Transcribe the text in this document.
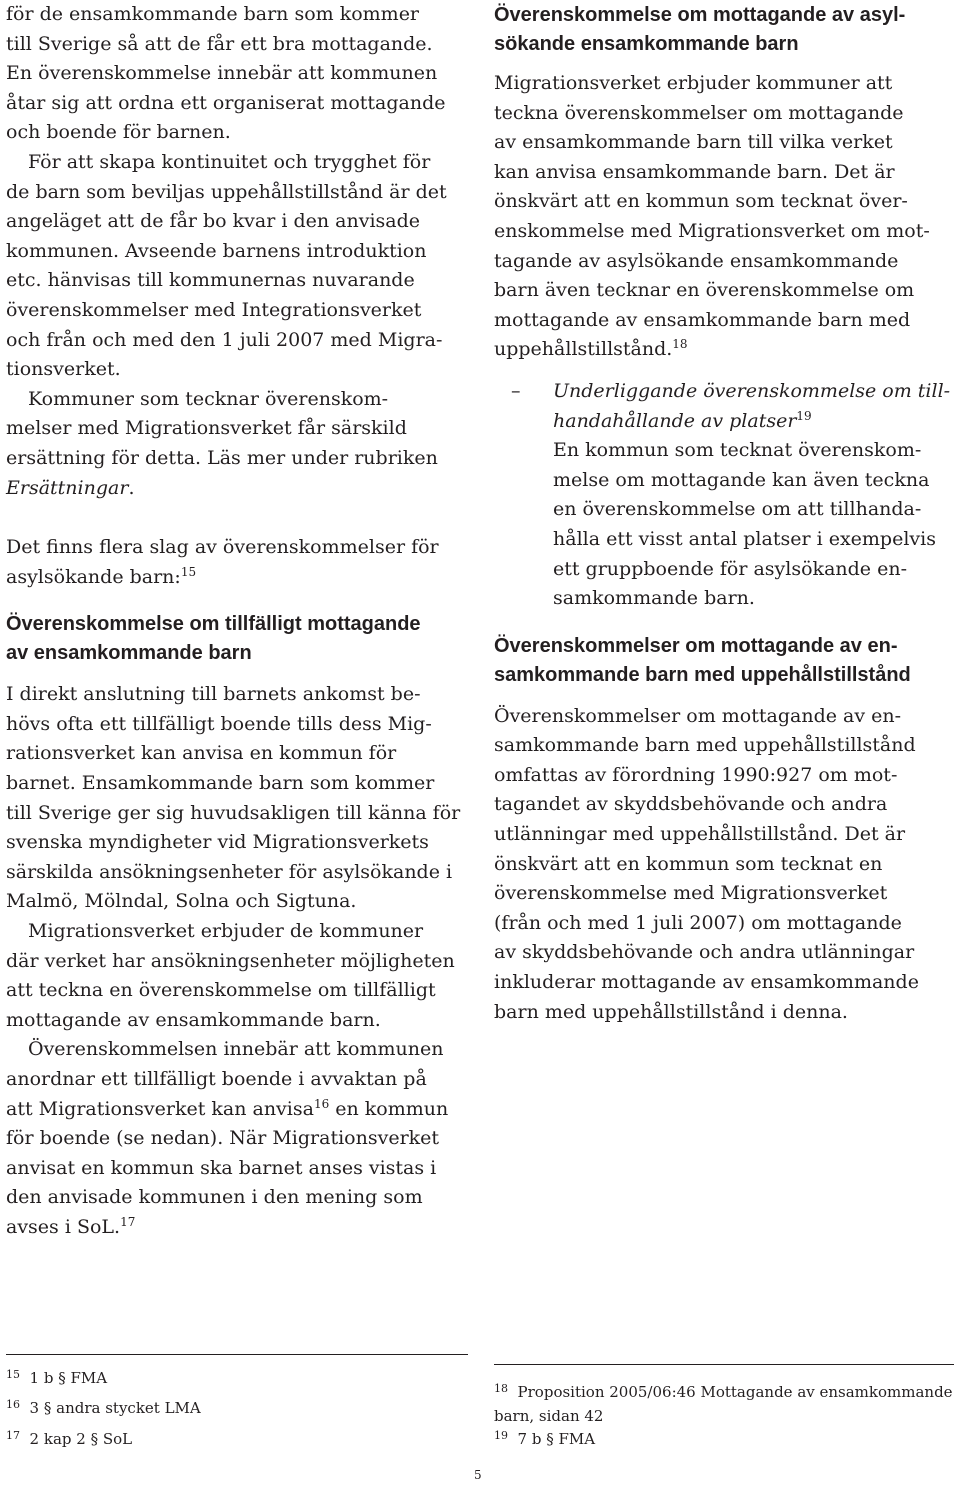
för de ensamkommande barn som kommer

till Sverige så att de får ett bra mottagande.

En överenskommelse innebär att kommunen

åtar sig att ordna ett organiserat mottagande

och boende för barnen.

För att skapa kontinuitet och trygghet för

de barn som beviljas uppehållstillstånd är det

angeläget att de får bo kvar i den anvisade

kommunen. Avseende barnens introduktion

etc. hänvisas till kommunernas nuvarande

överenskommelser med Integrationsverket

och från och med den 1 juli 2007 med Migra-

tionsverket.

Kommuner som tecknar överenskom-

melser med Migrationsverket får särskild

ersättning för detta. Läs mer under rubriken

Ersättningar.

Det finns flera slag av överenskommelser för

asylsökande barn:$^{15}$

Överenskommelse om tillfälligt mottagande

av ensamkommande barn

I direkt anslutning till barnets ankomst be-

hövs ofta ett tillfälligt boende tills dess Mig-

rationsverket kan anvisa en kommun för

barnet. Ensamkommande barn som kommer

till Sverige ger sig huvudsakligen till känna för

svenska myndigheter vid Migrationsverkets

särskilda ansökningsenheter för asylsökande i

Malmö, Mölndal, Solna och Sigtuna.

Migrationsverket erbjuder de kommuner

där verket har ansökningsenheter möjligheten

att teckna en överenskommelse om tillfälligt

mottagande av ensamkommande barn.

Överenskommelsen innebär att kommunen

anordnar ett tillfälligt boende i avvaktan på

att Migrationsverket kan anvisa$^{16}$ en kommun

för boende (se nedan). När Migrationsverket

anvisat en kommun ska barnet anses vistas i

den anvisade kommunen i den mening som

avses i SoL.$^{17}$

Överenskommelse om mottagande av asyl-

sökande ensamkommande barn

Migrationsverket erbjuder kommuner att

teckna överenskommelser om mottagande

av ensamkommande barn till vilka verket

kan anvisa ensamkommande barn. Det är

önskvärt att en kommun som tecknat över-

enskommelse med Migrationsverket om mot-

tagande av asylsökande ensamkommande

barn även tecknar en överenskommelse om

mottagande av ensamkommande barn med

uppehållstillstånd.$^{18}$

– Underliggande överenskommelse om till-

handahållande av platser$^{19}$

En kommun som tecknat överenskom-

melse om mottagande kan även teckna

en överenskommelse om att tillhanda-

hålla ett visst antal platser i exempelvis

ett gruppboende för asylsökande en-

samkommande barn.

Överenskommelser om mottagande av en-

samkommande barn med uppehållstillstånd

Överenskommelser om mottagande av en-

samkommande barn med uppehållstillstånd

omfattas av förordning 1990:927 om mot-

tagandet av skyddsbehövande och andra

utlänningar med uppehållstillstånd. Det är

önskvärt att en kommun som tecknat en

överenskommelse med Migrationsverket

(från och med 1 juli 2007) om mottagande

av skyddsbehövande och andra utlänningar

inkluderar mottagande av ensamkommande

barn med uppehållstillstånd i denna.

$^{15}$ 1 b § FMA

$^{16}$ 3 § andra stycket LMA

$^{17}$ 2 kap 2 § SoL

$^{18}$ Proposition 2005/06:46 Mottagande av ensamkommande

barn, sidan 42

$^{19}$ 7 b § FMA

5
